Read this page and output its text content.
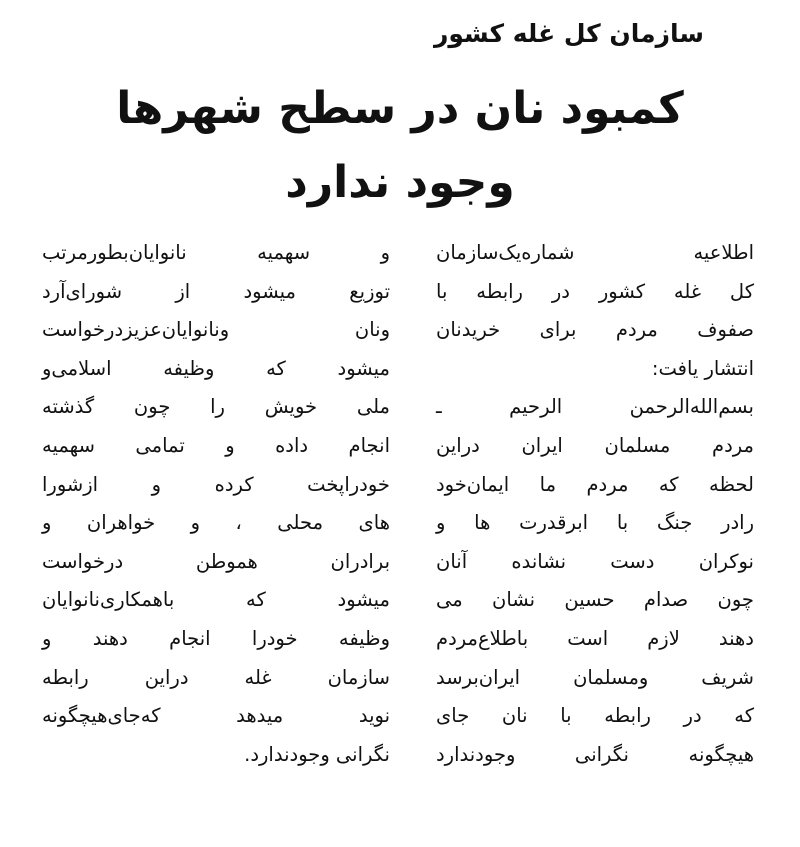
سازمان کل غله کشور
کمبود نان در سطح شهرها
وجود ندارد
اطلاعیه شماره‌یک‌سازمان
کل غله کشور در رابطه با
صفوف مردم برای خریدنان
انتشار یافت:
بسم‌الله‌الرحمن الرحیم ـ
مردم مسلمان ایران دراین
لحظه که مردم ما ایمان‌خود
رادر جنگ با ابرقدرت ها و
نوکران دست نشانده آنان
چون صدام حسین نشان می
دهند لازم است باطلاع‌مردم
شریف ومسلمان ایران‌برسد
که در رابطه با نان جای
هیچگونه نگرانی وجودندارد
و سهمیه نانوایان‌بطورمرتب
توزیع میشود از شورای‌آرد
ونان ونانوایان‌عزیزدرخواست
میشود که وظیفه اسلامی‌و
ملی خویش را چون گذشته
انجام داده و تمامی سهمیه
خودراپخت کرده و ازشورا
های محلی ، و خواهران و
برادران هموطن درخواست
میشود که باهمکاری‌نانوایان
وظیفه خودرا انجام دهند و
سازمان غله دراین رابطه
نوید میدهد که‌جای‌هیچگونه
نگرانی وجود‌ندارد.
